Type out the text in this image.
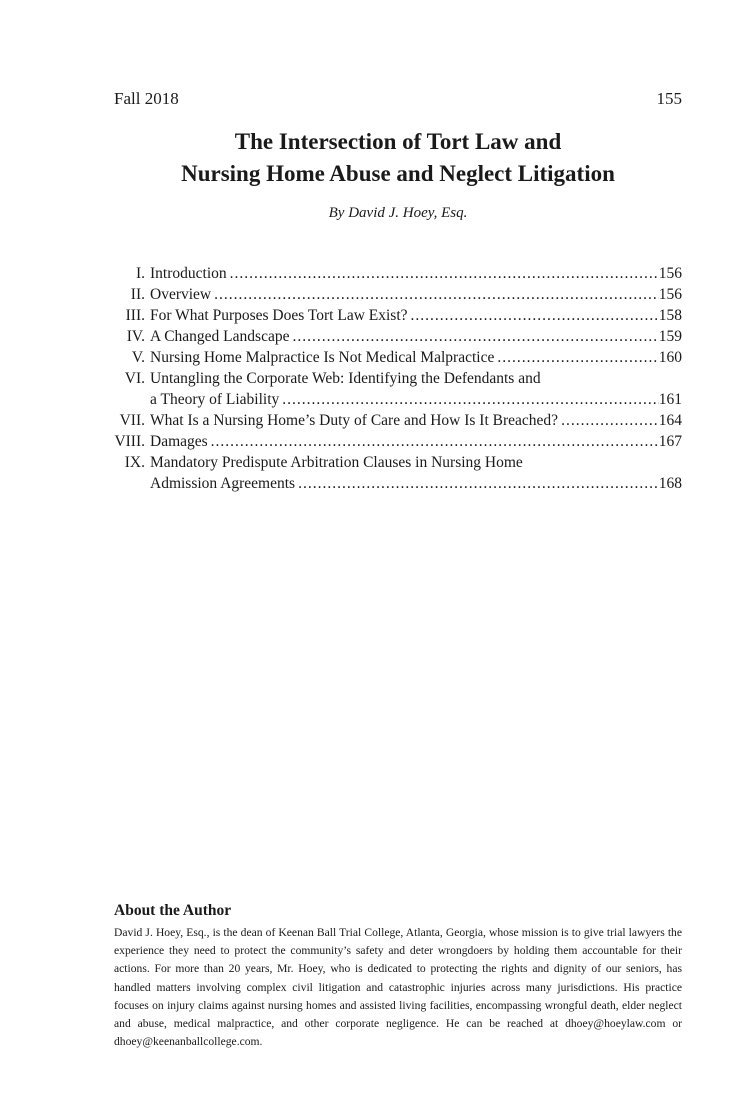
Fall 2018	155
The Intersection of Tort Law and
Nursing Home Abuse and Neglect Litigation
By David J. Hoey, Esq.
I. Introduction .....	156
II. Overview .....	156
III. For What Purposes Does Tort Law Exist? .....	158
IV. A Changed Landscape .....	159
V. Nursing Home Malpractice Is Not Medical Malpractice .....	160
VI. Untangling the Corporate Web: Identifying the Defendants and
a Theory of Liability .....	161
VII. What Is a Nursing Home’s Duty of Care and How Is It Breached? .....	164
VIII. Damages .....	167
IX. Mandatory Predispute Arbitration Clauses in Nursing Home
Admission Agreements .....	168
About the Author
David J. Hoey, Esq., is the dean of Keenan Ball Trial College, Atlanta, Georgia, whose mission is to give trial lawyers the experience they need to protect the community’s safety and deter wrongdoers by holding them accountable for their actions. For more than 20 years, Mr. Hoey, who is dedicated to protecting the rights and dignity of our seniors, has handled matters involving complex civil litigation and catastrophic injuries across many jurisdictions. His practice focuses on injury claims against nursing homes and assisted living facilities, encompassing wrongful death, elder neglect and abuse, medical malpractice, and other corporate negligence. He can be reached at dhoey@hoeylaw.com or dhoey@keenanballcollege.com.
